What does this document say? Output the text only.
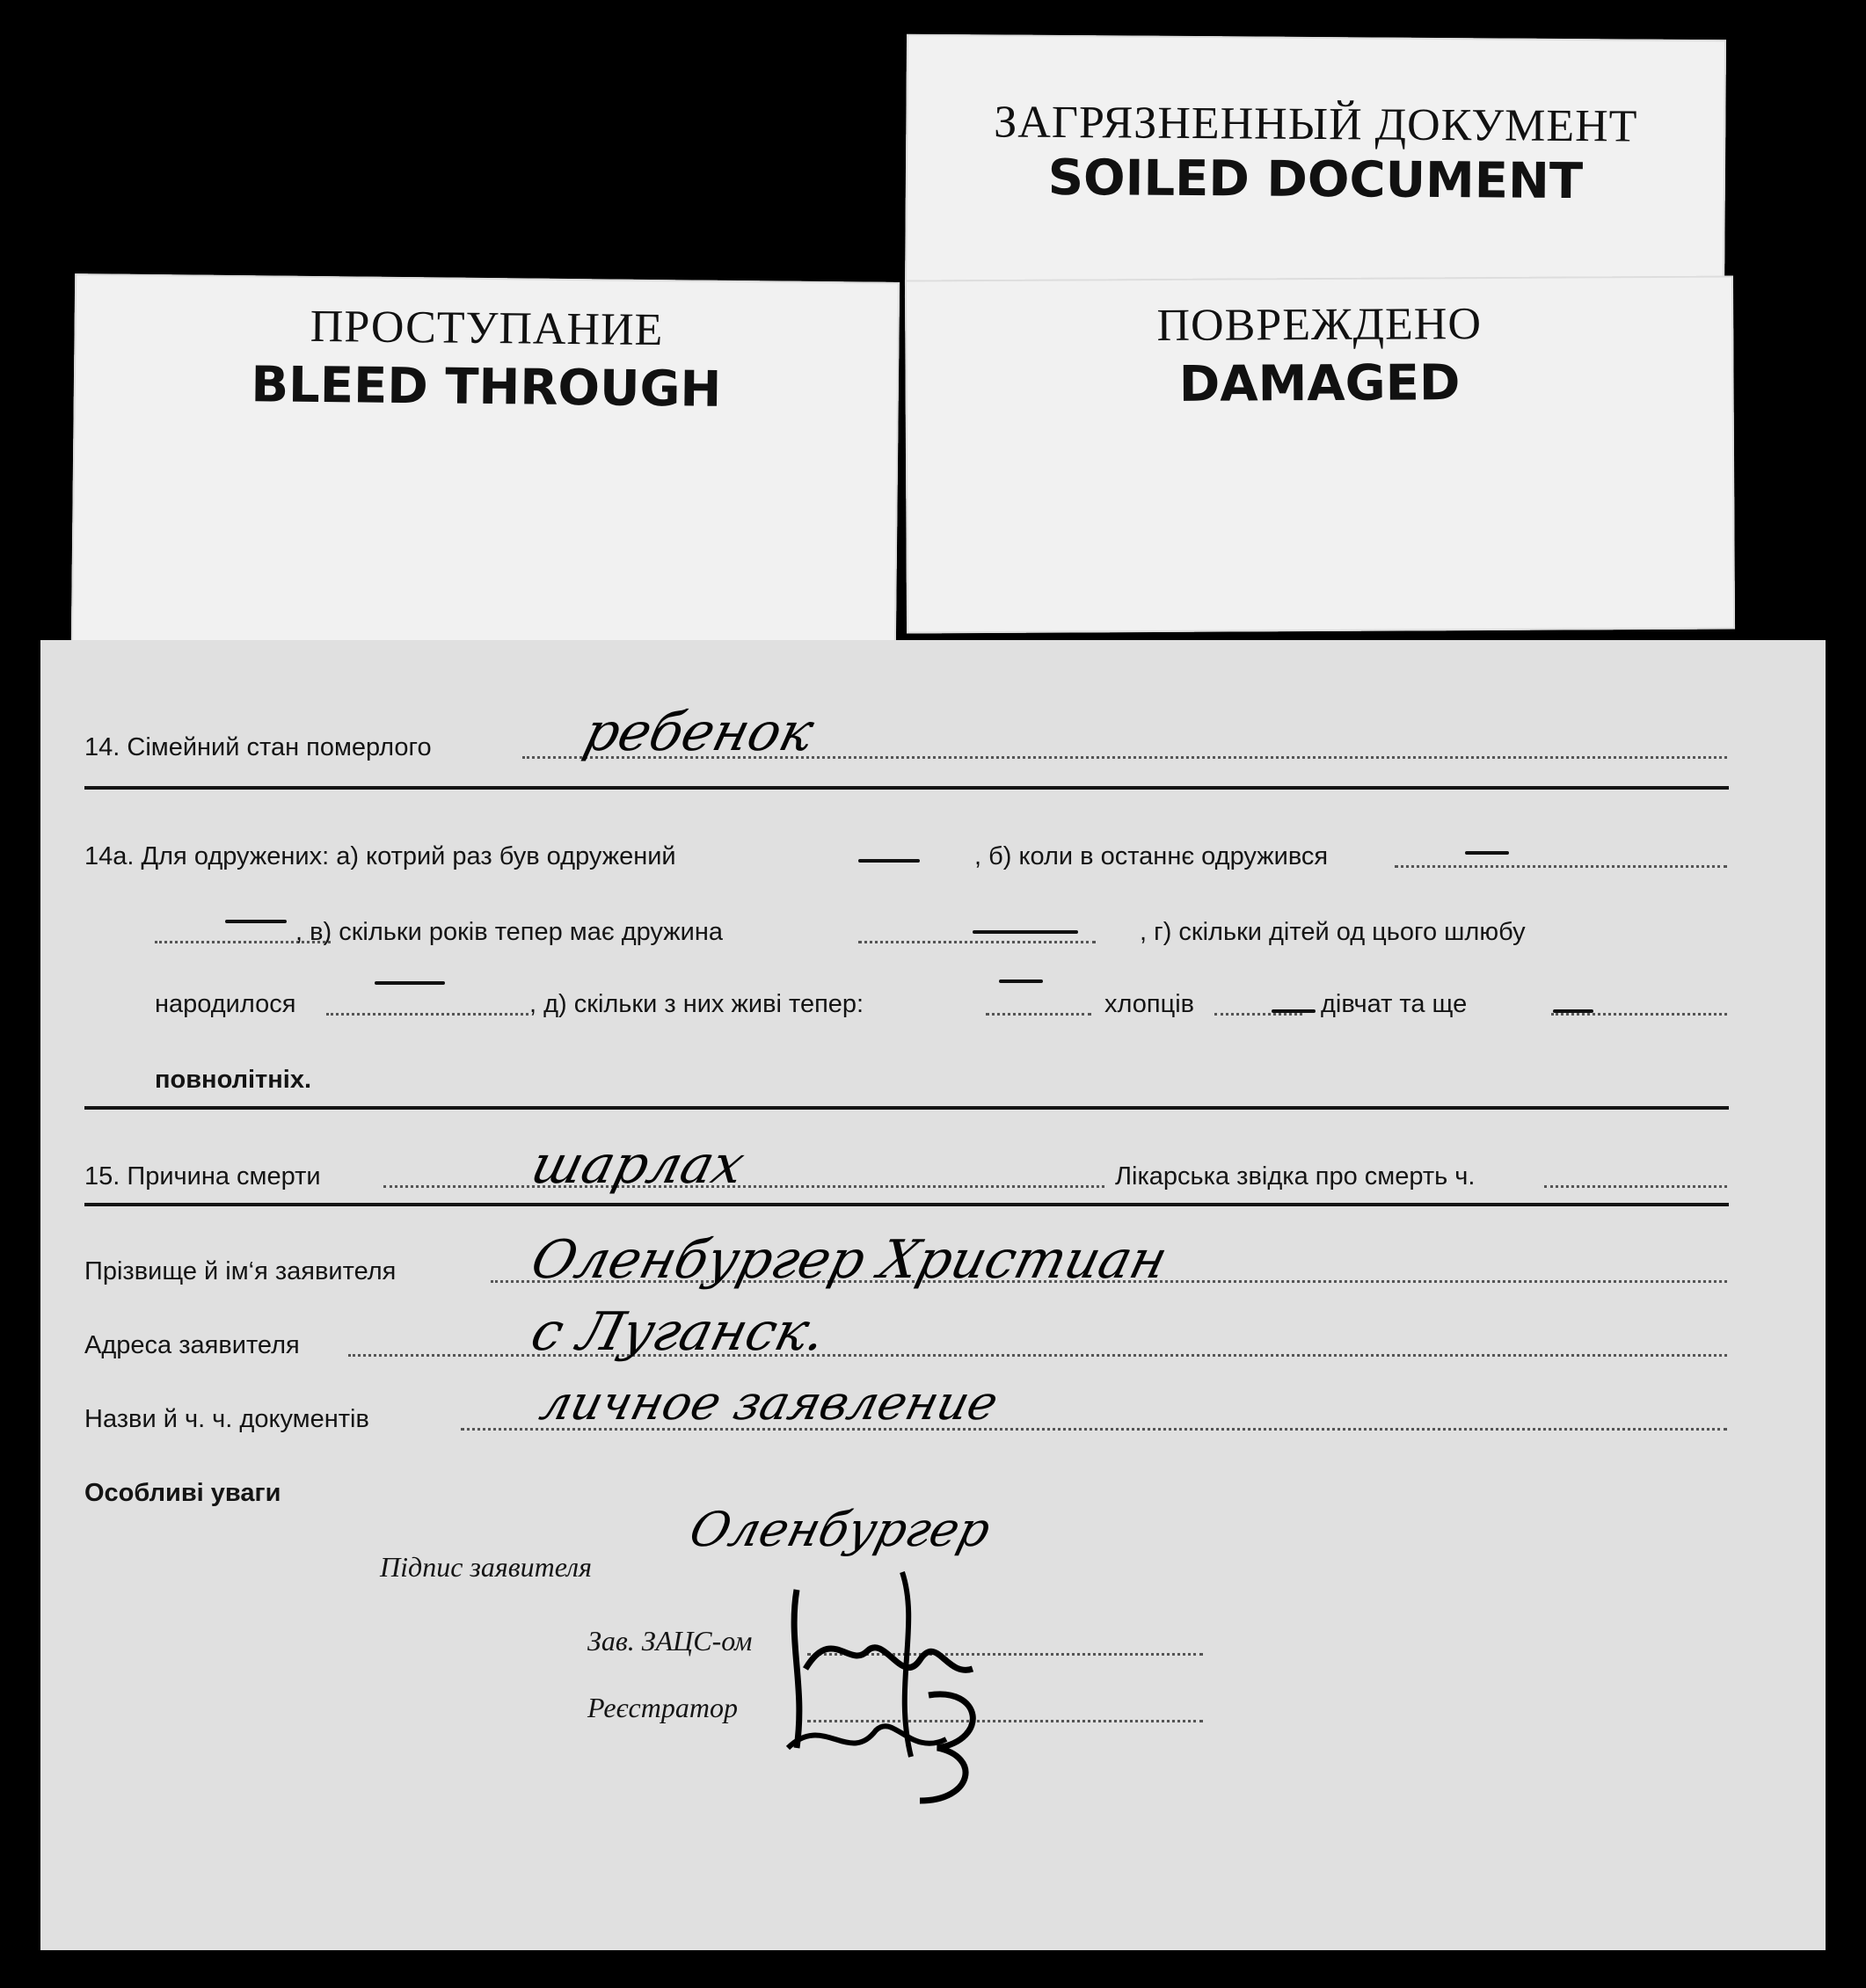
ЗАГРЯЗНЕННЫЙ ДОКУМЕНТ
SOILED DOCUMENT
ПРОСТУПАНИЕ
BLEED THROUGH
ПОВРЕЖДЕНО
DAMAGED
14. Сімейний стан померлого	ребенок
14а. Для одружених: а) котрий раз був одружений	, б) коли в останнє одружився
, в) скільки років тепер має дружина	, г) скільки дітей од цього шлюбу
народилося	, д) скільки з них живі тепер:	хлопців	дівчат та ще
повнолітніх.
15. Причина смерти	шарлах	Лікарська звідка про смерть ч.
Прізвище й ім‘я заявителя Оленбургер Христиан
Адреса заявителя	с Луганск.
Назви й ч. ч. документів	личное заявление
Особливі уваги
Підпис заявителя
Оленбургер
Зав. ЗАЦС-ом
Реєстратор
